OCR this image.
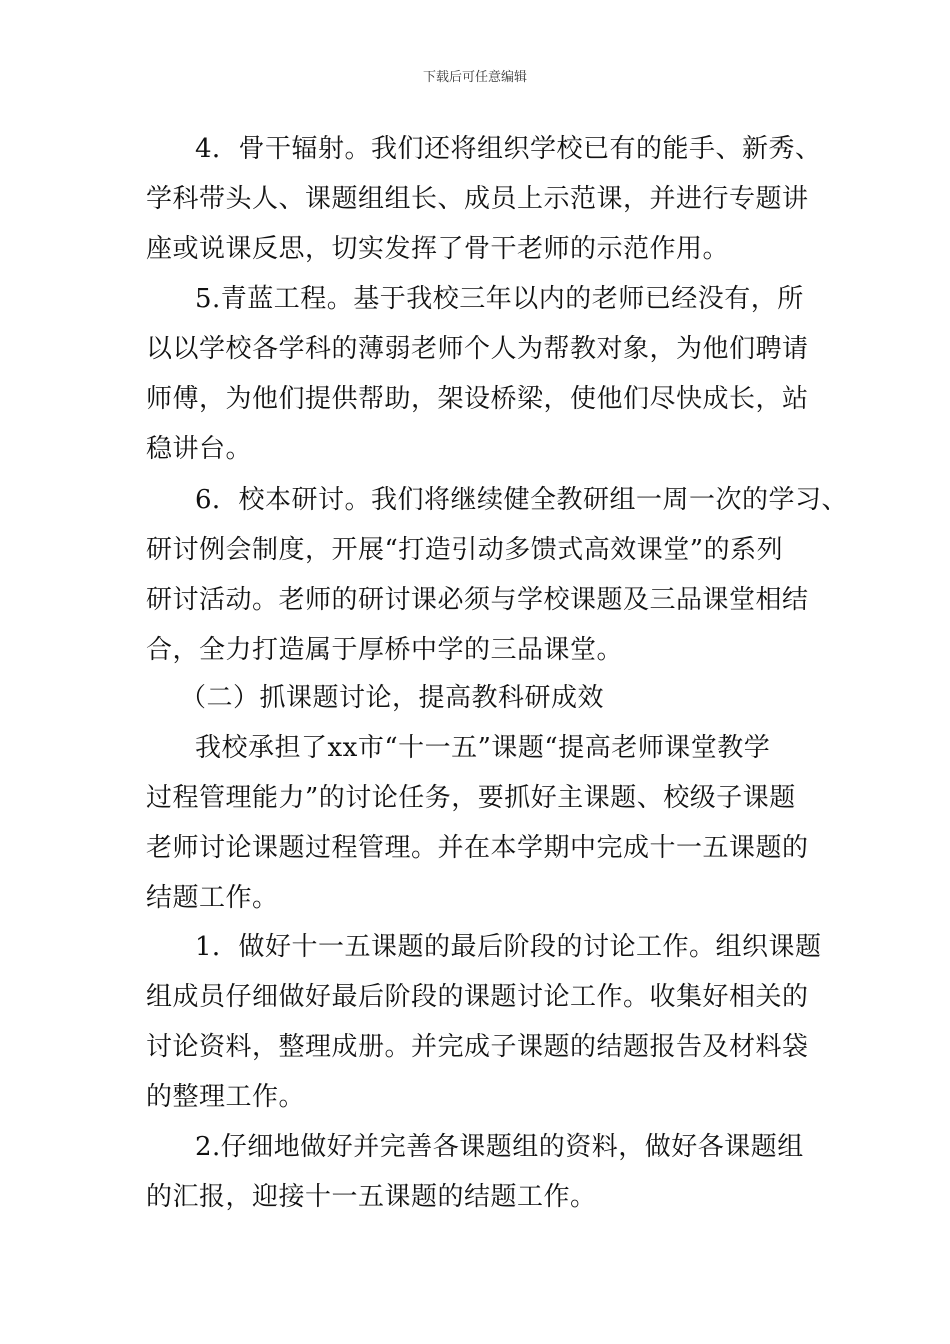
下载后可任意编辑
4．骨干辐射。我们还将组织学校已有的能手、新秀、
学科带头人、课题组组长、成员上示范课，并进行专题讲
座或说课反思，切实发挥了骨干老师的示范作用。
5.青蓝工程。基于我校三年以内的老师已经没有，所
以以学校各学科的薄弱老师个人为帮教对象，为他们聘请
师傅，为他们提供帮助，架设桥梁，使他们尽快成长，站
稳讲台。
6．校本研讨。我们将继续健全教研组一周一次的学习、
研讨例会制度，开展“打造引动多馈式高效课堂”的系列
研讨活动。老师的研讨课必须与学校课题及三品课堂相结
合，全力打造属于厚桥中学的三品课堂。
（二）抓课题讨论，提高教科研成效
我校承担了xx市“十一五”课题“提高老师课堂教学
过程管理能力”的讨论任务，要抓好主课题、校级子课题
老师讨论课题过程管理。并在本学期中完成十一五课题的
结题工作。
1．做好十一五课题的最后阶段的讨论工作。组织课题
组成员仔细做好最后阶段的课题讨论工作。收集好相关的
讨论资料，整理成册。并完成子课题的结题报告及材料袋
的整理工作。
2.仔细地做好并完善各课题组的资料，做好各课题组
的汇报，迎接十一五课题的结题工作。
